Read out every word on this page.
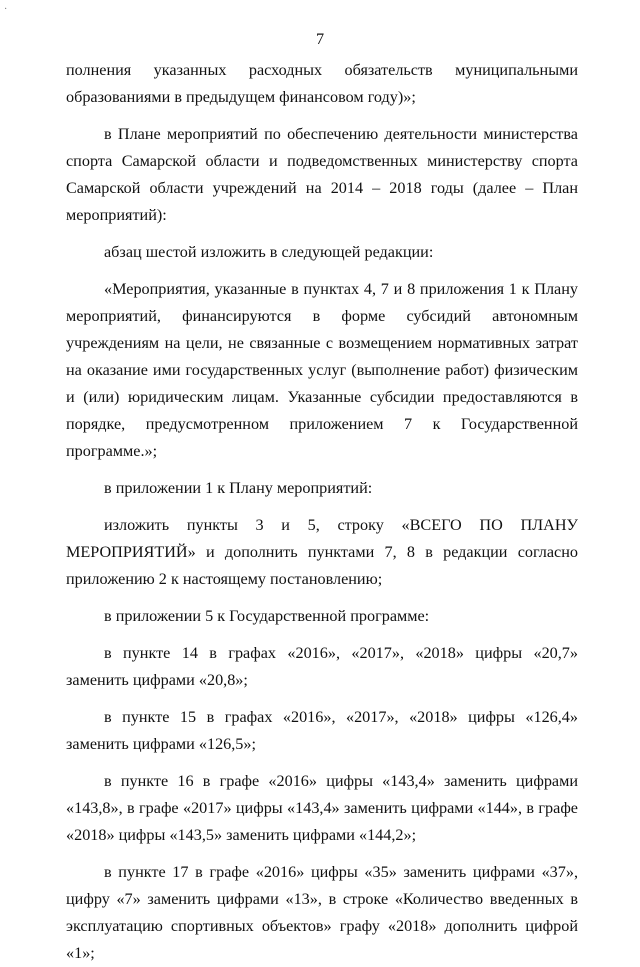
·
7

полнения указанных расходных обязательств муниципальными образованиями в предыдущем финансовом году)»;

в Плане мероприятий по обеспечению деятельности министерства спорта Самарской области и подведомственных министерству спорта Самарской области учреждений на 2014 – 2018 годы (далее – План мероприятий):

абзац шестой изложить в следующей редакции:

«Мероприятия, указанные в пунктах 4, 7 и 8 приложения 1 к Плану мероприятий, финансируются в форме субсидий автономным учреждениям на цели, не связанные с возмещением нормативных затрат на оказание ими государственных услуг (выполнение работ) физическим и (или) юридическим лицам. Указанные субсидии предоставляются в порядке, предусмотренном приложением 7 к Государственной программе.»;

в приложении 1 к Плану мероприятий:

изложить пункты 3 и 5, строку «ВСЕГО ПО ПЛАНУ МЕРОПРИЯТИЙ» и дополнить пунктами 7, 8 в редакции согласно приложению 2 к настоящему постановлению;

в приложении 5 к Государственной программе:

в пункте 14 в графах «2016», «2017», «2018» цифры «20,7» заменить цифрами «20,8»;

в пункте 15 в графах «2016», «2017», «2018» цифры «126,4» заменить цифрами «126,5»;

в пункте 16 в графе «2016» цифры «143,4» заменить цифрами «143,8», в графе «2017» цифры «143,4» заменить цифрами «144», в графе «2018» цифры «143,5» заменить цифрами «144,2»;

в пункте 17 в графе «2016» цифры «35» заменить цифрами «37», цифру «7» заменить цифрами «13», в строке «Количество введенных в эксплуатацию спортивных объектов» графу «2018» дополнить цифрой «1»;
